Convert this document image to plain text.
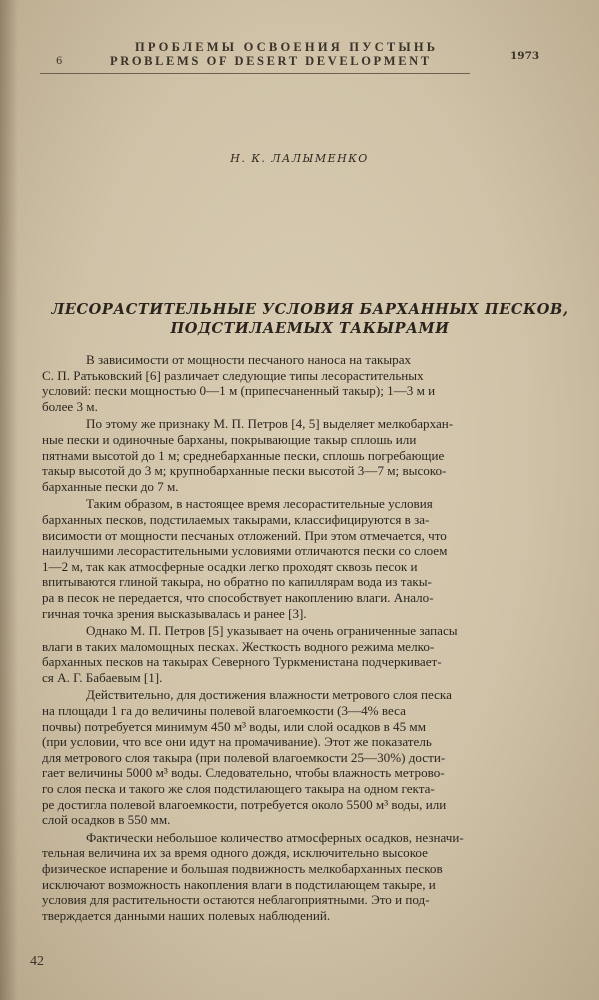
6
ПРОБЛЕМЫ ОСВОЕНИЯ ПУСТЫНЬ
PROBLEMS OF DESERT DEVELOPMENT	1973
Н. К. ЛАЛЫМЕНКО
ЛЕСОРАСТИТЕЛЬНЫЕ УСЛОВИЯ БАРХАННЫХ ПЕСКОВ,
ПОДСТИЛАЕМЫХ ТАКЫРАМИ
В зависимости от мощности песчаного наноса на такырах
С. П. Ратьковский [6] различает следующие типы лесорастительных
условий: пески мощностью 0—1 м (припесчаненный такыр); 1—3 м и
более 3 м.
По этому же признаку М. П. Петров [4, 5] выделяет мелкобархан-
ные пески и одиночные барханы, покрывающие такыр сплошь или
пятнами высотой до 1 м; среднебарханные пески, сплошь погребающие
такыр высотой до 3 м; крупнобарханные пески высотой 3—7 м; высоко-
барханные пески до 7 м.
Таким образом, в настоящее время лесорастительные условия
барханных песков, подстилаемых такырами, классифицируются в за-
висимости от мощности песчаных отложений. При этом отмечается, что
наилучшими лесорастительными условиями отличаются пески со слоем
1—2 м, так как атмосферные осадки легко проходят сквозь песок и
впитываются глиной такыра, но обратно по капиллярам вода из такы-
ра в песок не передается, что способствует накоплению влаги. Анало-
гичная точка зрения высказывалась и ранее [3].
Однако М. П. Петров [5] указывает на очень ограниченные запасы
влаги в таких маломощных песках. Жесткость водного режима мелко-
барханных песков на такырах Северного Туркменистана подчеркивает-
ся А. Г. Бабаевым [1].
Действительно, для достижения влажности метрового слоя песка
на площади 1 га до величины полевой влагоемкости (3—4% веса
почвы) потребуется минимум 450 м³ воды, или слой осадков в 45 мм
(при условии, что все они идут на промачивание). Этот же показатель
для метрового слоя такыра (при полевой влагоемкости 25—30%) дости-
гает величины 5000 м³ воды. Следовательно, чтобы влажность метрово-
го слоя песка и такого же слоя подстилающего такыра на одном гекта-
ре достигла полевой влагоемкости, потребуется около 5500 м³ воды, или
слой осадков в 550 мм.
Фактически небольшое количество атмосферных осадков, незначи-
тельная величина их за время одного дождя, исключительно высокое
физическое испарение и большая подвижность мелкобарханных песков
исключают возможность накопления влаги в подстилающем такыре, и
условия для растительности остаются неблагоприятными. Это и под-
тверждается данными наших полевых наблюдений.
42
